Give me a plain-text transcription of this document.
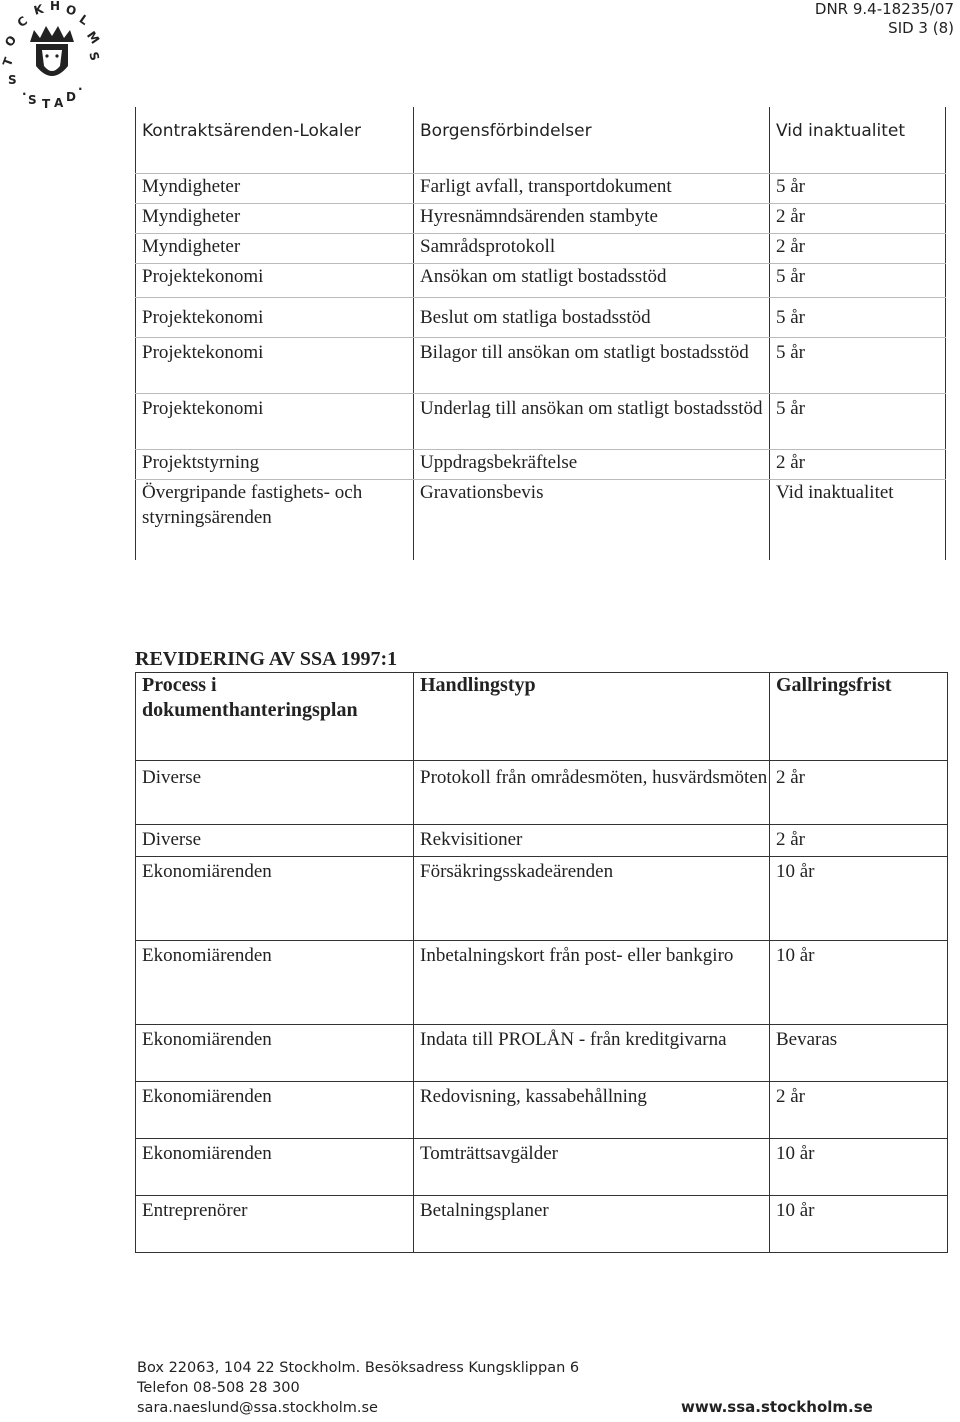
S
· S T A D
·
T
O
C
K H O
L
M
S
DNR 9.4-18235/07
SID 3 (8)
Kontraktsärenden-Lokaler	Borgensförbindelser	Vid inaktualitet
Myndigheter	Farligt avfall, transportdokument	5 år
Myndigheter	Hyresnämndsärenden stambyte	2 år
Myndigheter	Samrådsprotokoll	2 år
Projektekonomi	Ansökan om statligt bostadsstöd	5 år
Projektekonomi	Beslut om statliga bostadsstöd	5 år
Projektekonomi	Bilagor till ansökan om statligt bostadsstöd	5 år
Projektekonomi	Underlag till ansökan om statligt bostadsstöd	5 år
Projektstyrning	Uppdragsbekräftelse	2 år
Övergripande fastighets- och styrningsärenden	Gravationsbevis	Vid inaktualitet
REVIDERING AV SSA 1997:1
Process i dokumenthanteringsplan	Handlingstyp	Gallringsfrist
Diverse	Protokoll från områdesmöten, husvärdsmöten	2 år
Diverse	Rekvisitioner	2 år
Ekonomiärenden	Försäkringsskadeärenden	10 år
Ekonomiärenden	Inbetalningskort från post- eller bankgiro	10 år
Ekonomiärenden	Indata till PROLÅN - från kreditgivarna	Bevaras
Ekonomiärenden	Redovisning, kassabehållning	2 år
Ekonomiärenden	Tomträttsavgälder	10 år
Entreprenörer	Betalningsplaner	10 år
Box 22063, 104 22 Stockholm. Besöksadress Kungsklippan 6
Telefon 08-508 28 300
sara.naeslund@ssa.stockholm.se	www.ssa.stockholm.se
